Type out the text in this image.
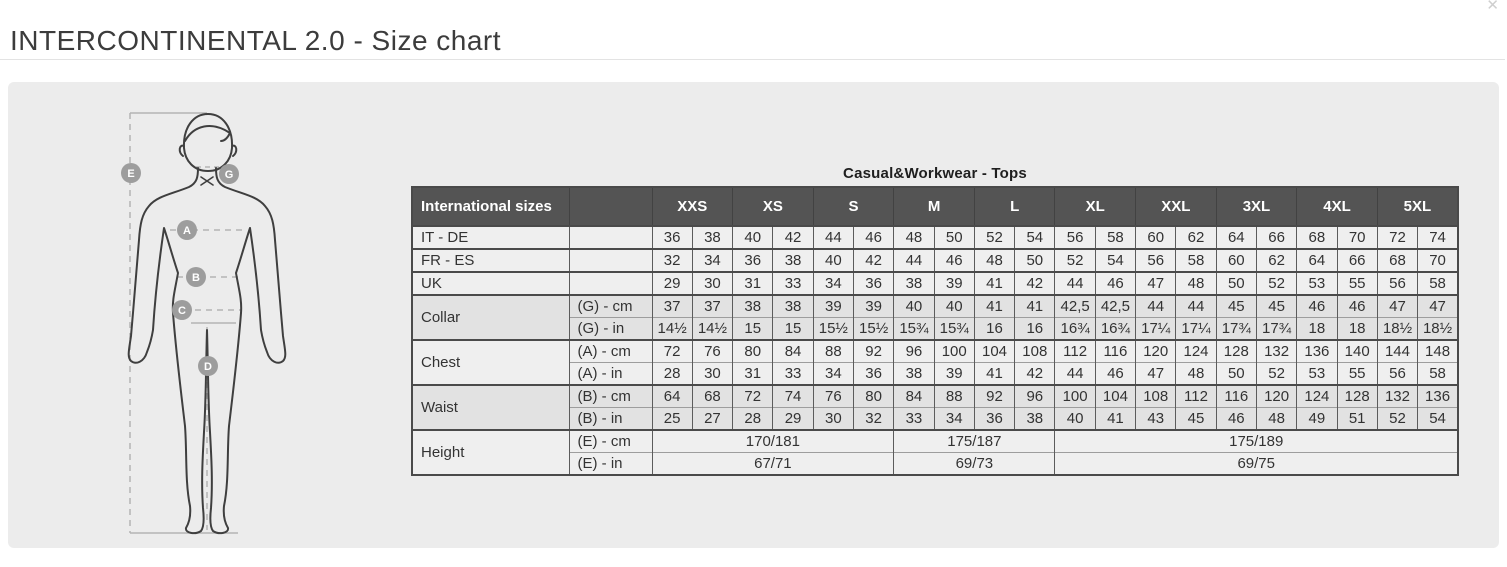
INTERCONTINENTAL 2.0 - Size chart
✕
E	G
A
B
C
D
Casual&Workwear - Tops
International sizes		XXS		XS		S		M		L		XL		XXL		3XL		4XL		5XL	
IT - DE		36	38	40	42	44	46	48	50	52	54	56	58	60	62	64	66	68	70	72	74
FR - ES		32	34	36	38	40	42	44	46	48	50	52	54	56	58	60	62	64	66	68	70
UK		29	30	31	33	34	36	38	39	41	42	44	46	47	48	50	52	53	55	56	58
Collar	(G) - cm	37	37	38	38	39	39	40	40	41	41	42,5	42,5	44	44	45	45	46	46	47	47
	(G) - in	14½	14½	15	15	15½	15½	15¾	15¾	16	16	16¾	16¾	17¼	17¼	17¾	17¾	18	18	18½	18½
Chest	(A) - cm	72	76	80	84	88	92	96	100	104	108	112	116	120	124	128	132	136	140	144	148
	(A) - in	28	30	31	33	34	36	38	39	41	42	44	46	47	48	50	52	53	55	56	58
Waist	(B) - cm	64	68	72	74	76	80	84	88	92	96	100	104	108	112	116	120	124	128	132	136
	(B) - in	25	27	28	29	30	32	33	34	36	38	40	41	43	45	46	48	49	51	52	54
Height	(E) - cm	170/181						175/187				175/189									
	(E) - in	67/71						69/73				69/75									
